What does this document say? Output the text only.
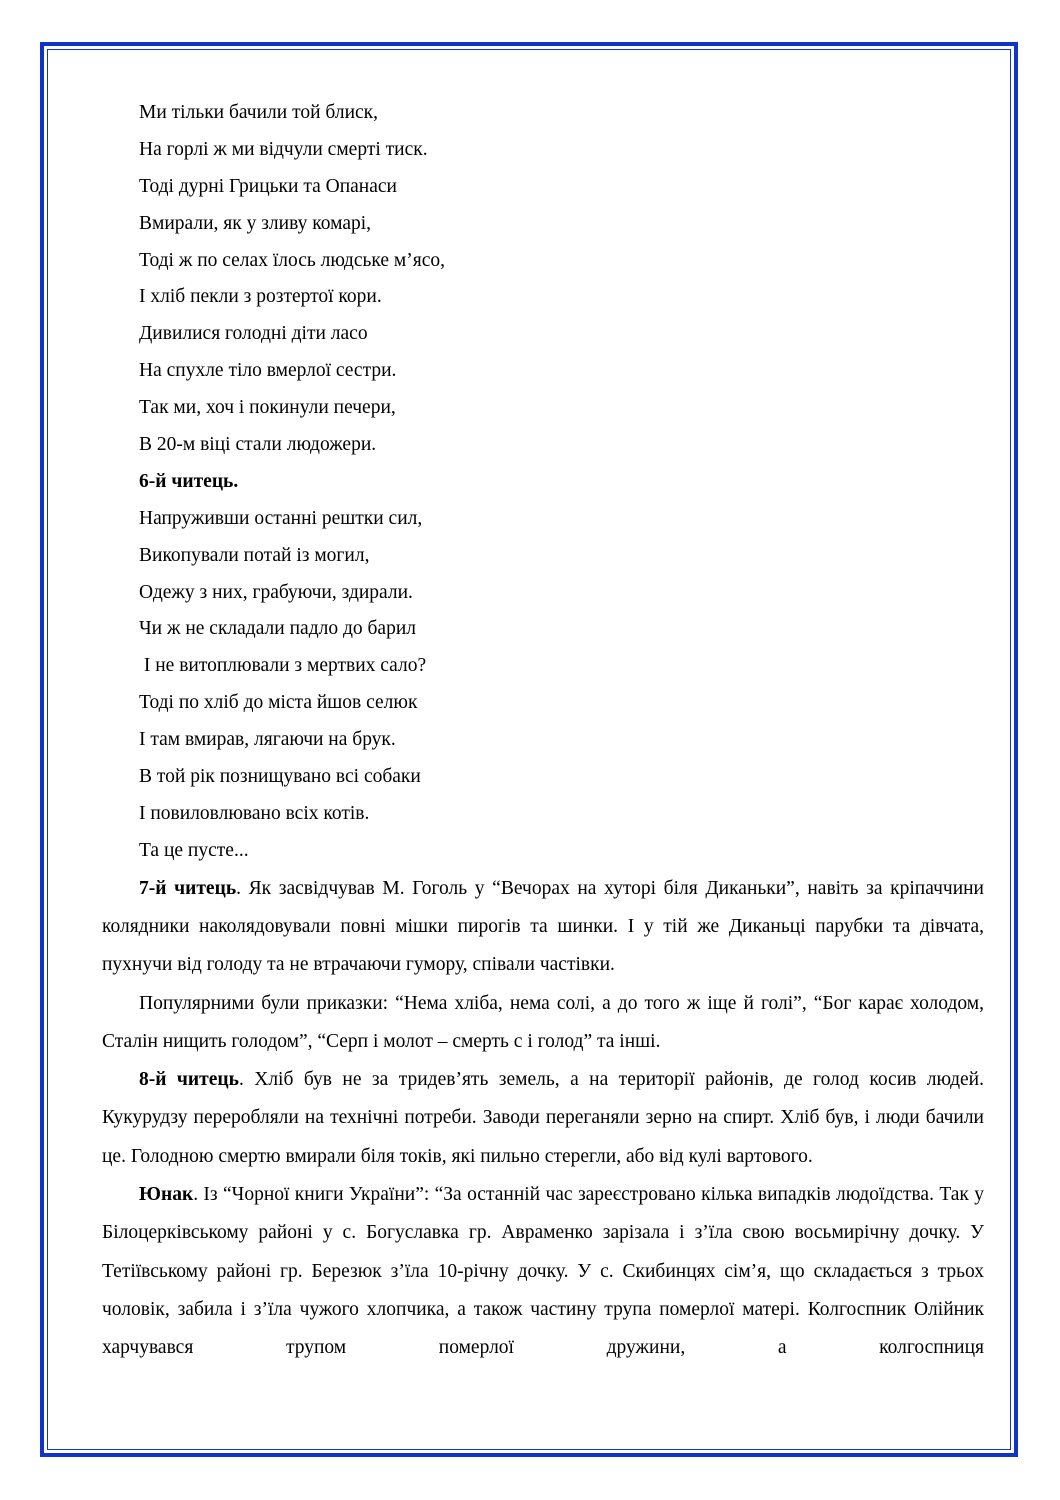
Ми тільки бачили той блиск,
На горлі ж ми відчули смерті тиск.
Тоді дурні Грицьки та Опанаси
Вмирали, як у зливу комарі,
Тоді ж по селах їлось людське м’ясо,
І хліб пекли з розтертої кори.
Дивилися голодні діти ласо
На спухле тіло вмерлої сестри.
Так ми, хоч і покинули печери,
В 20-м віці стали людожери.
6-й читець.
Напруживши останні рештки сил,
Викопували потай із могил,
Одежу з них, грабуючи, здирали.
Чи ж не складали падло до барил
І не витоплювали з мертвих сало?
Тоді по хліб до міста йшов селюк
І там вмирав, лягаючи на брук.
В той рік познищувано всі собаки
І повиловлювано всіх котів.
Та це пусте...

7-й читець. Як засвідчував М. Гоголь у “Вечорах на хуторі біля Диканьки”, навіть за кріпаччини колядники наколядовували повні мішки пирогів та шинки. І у тій же Диканьці парубки та дівчата, пухнучи від голоду та не втрачаючи гумору, співали частівки.

Популярними були приказки: “Нема хліба, нема солі, а до того ж іще й голі”, “Бог карає холодом, Сталін нищить голодом”, “Серп і молот – смерть с і голод” та інші.

8-й читець. Хліб був не за тридев’ять земель, а на території районів, де голод косив людей. Кукурудзу переробляли на технічні потреби. Заводи переганяли зерно на спирт. Хліб був, і люди бачили це. Голодною смертю вмирали біля токів, які пильно стерегли, або від кулі вартового.

Юнак. Із “Чорної книги України”: “За останній час зареєстровано кілька випадків людоїдства. Так у Білоцерківському районі у с. Богуславка гр. Авраменко зарізала і з’їла свою восьмирічну дочку. У Тетіївському районі гр. Березюк з’їла 10-річну дочку. У с. Скибинцях сім’я, що складається з трьох чоловік, забила і з’їла чужого хлопчика, а також частину трупа померлої матері. Колгоспник Олійник харчувався трупом померлої дружини, а колгоспниця
